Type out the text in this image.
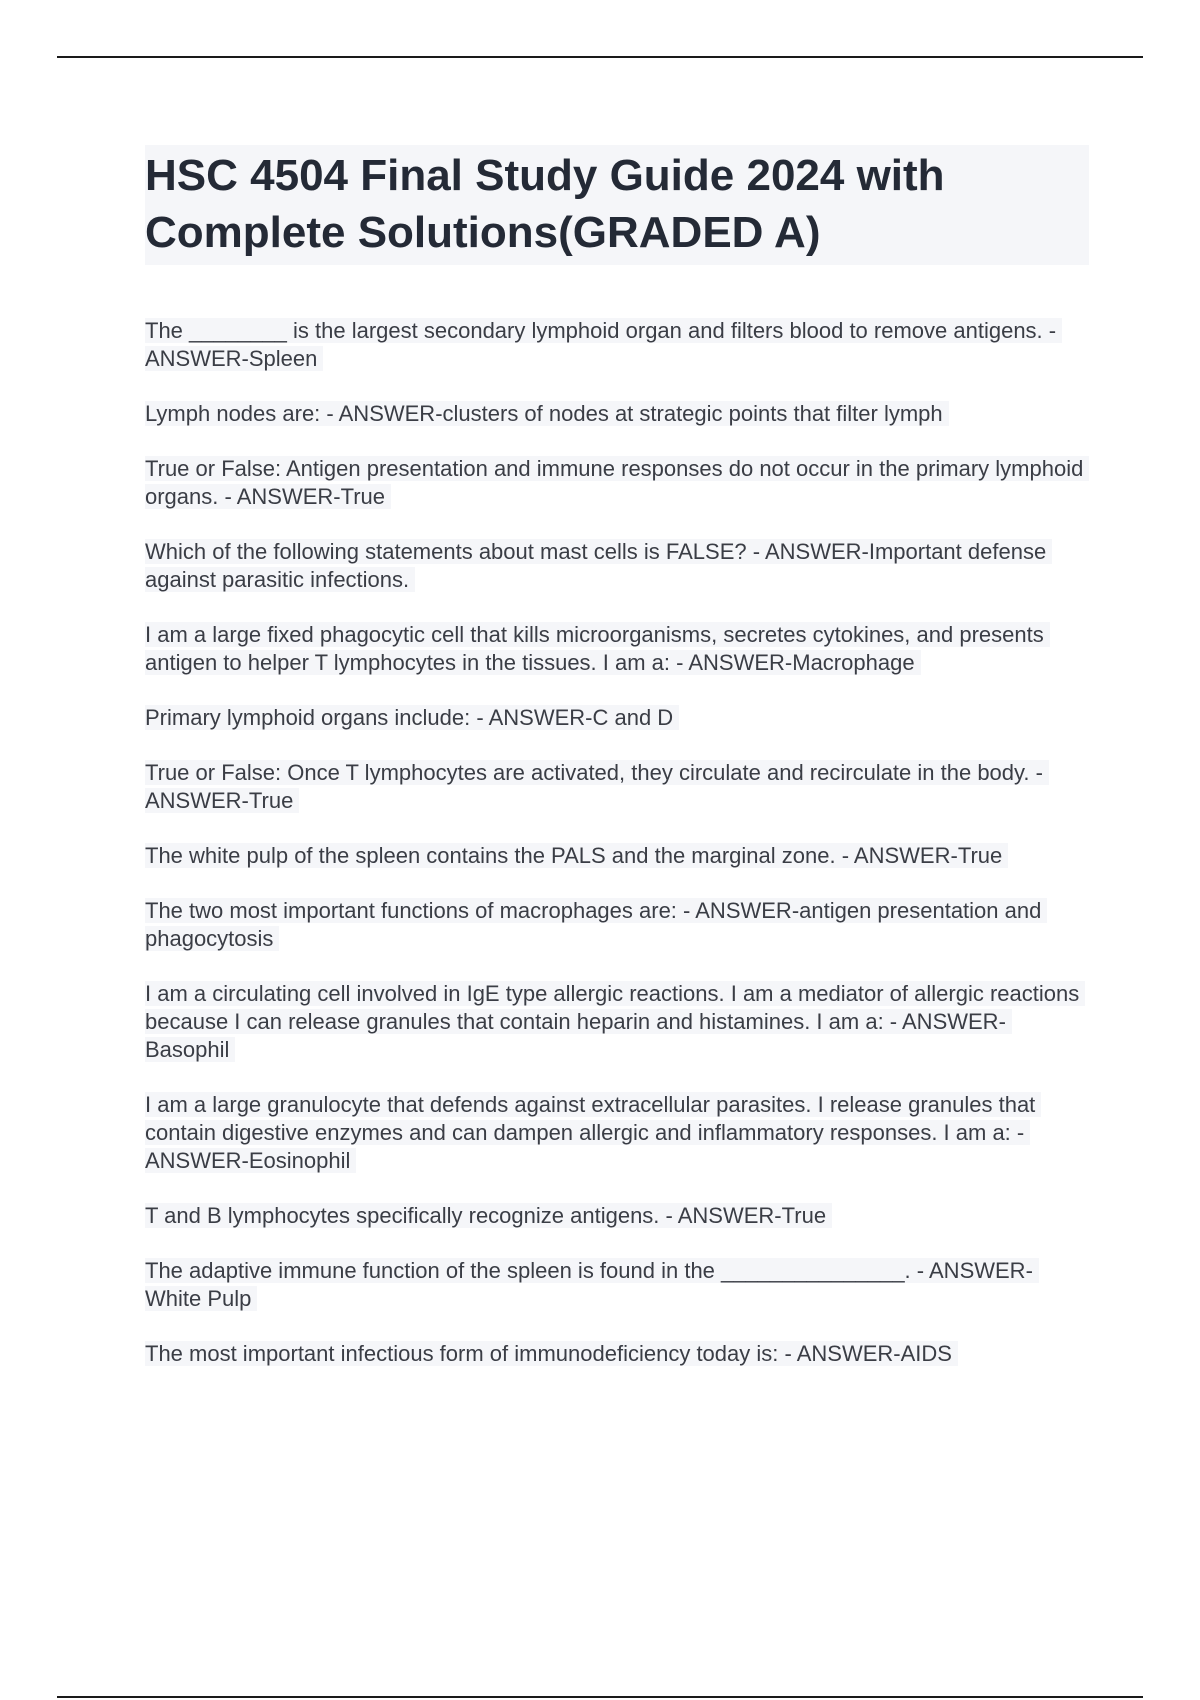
HSC 4504 Final Study Guide 2024 with Complete Solutions(GRADED A)
The ________ is the largest secondary lymphoid organ and filters blood to remove antigens. - ANSWER-Spleen
Lymph nodes are: - ANSWER-clusters of nodes at strategic points that filter lymph
True or False: Antigen presentation and immune responses do not occur in the primary lymphoid organs. - ANSWER-True
Which of the following statements about mast cells is FALSE? - ANSWER-Important defense against parasitic infections.
I am a large fixed phagocytic cell that kills microorganisms, secretes cytokines, and presents antigen to helper T lymphocytes in the tissues. I am a: - ANSWER-Macrophage
Primary lymphoid organs include: - ANSWER-C and D
True or False: Once T lymphocytes are activated, they circulate and recirculate in the body. - ANSWER-True
The white pulp of the spleen contains the PALS and the marginal zone. - ANSWER-True
The two most important functions of macrophages are: - ANSWER-antigen presentation and phagocytosis
I am a circulating cell involved in IgE type allergic reactions. I am a mediator of allergic reactions because I can release granules that contain heparin and histamines. I am a: - ANSWER-Basophil
I am a large granulocyte that defends against extracellular parasites. I release granules that contain digestive enzymes and can dampen allergic and inflammatory responses. I am a: - ANSWER-Eosinophil
T and B lymphocytes specifically recognize antigens. - ANSWER-True
The adaptive immune function of the spleen is found in the _______________. - ANSWER-White Pulp
The most important infectious form of immunodeficiency today is: - ANSWER-AIDS
